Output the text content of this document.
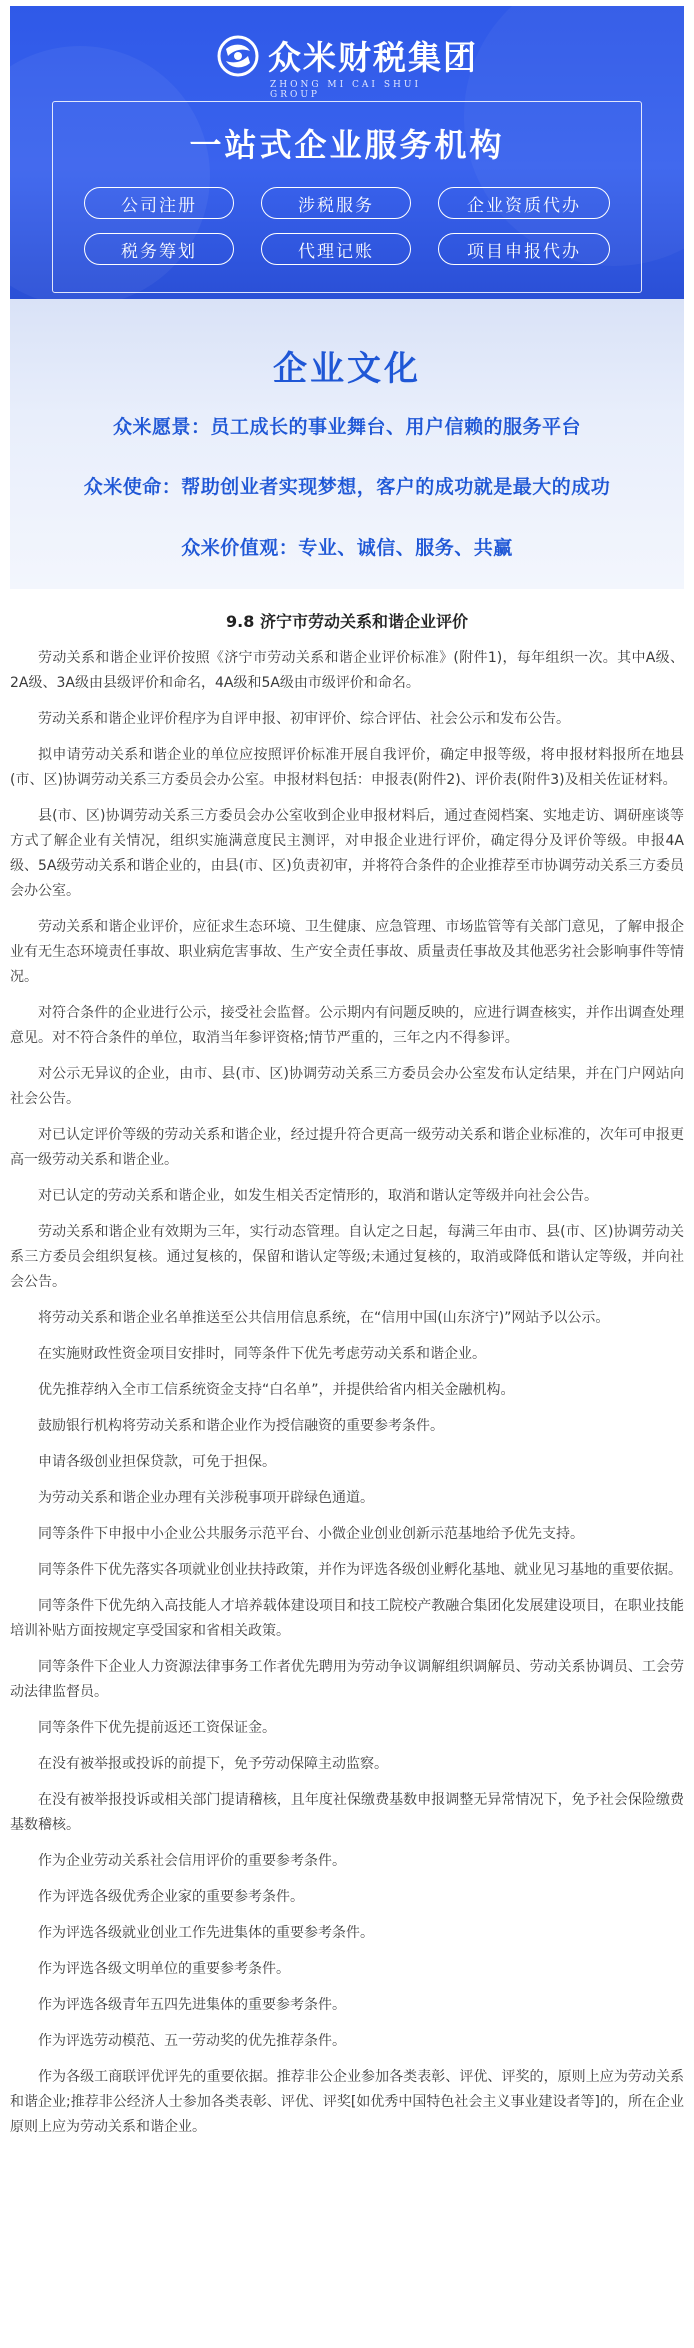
众米财税集团
ZHONG MI CAI SHUI GROUP
一站式企业服务机构
公司注册	涉税服务	企业资质代办
税务筹划	代理记账	项目申报代办
企业文化
众米愿景：员工成长的事业舞台、用户信赖的服务平台
众米使命：帮助创业者实现梦想，客户的成功就是最大的成功
众米价值观：专业、诚信、服务、共赢
9.8 济宁市劳动关系和谐企业评价

劳动关系和谐企业评价按照《济宁市劳动关系和谐企业评价标准》(附件1)，每年组织一次。其中A级、2A级、3A级由县级评价和命名，4A级和5A级由市级评价和命名。

劳动关系和谐企业评价程序为自评申报、初审评价、综合评估、社会公示和发布公告。

拟申请劳动关系和谐企业的单位应按照评价标准开展自我评价，确定申报等级，将申报材料报所在地县(市、区)协调劳动关系三方委员会办公室。申报材料包括：申报表(附件2)、评价表(附件3)及相关佐证材料。

县(市、区)协调劳动关系三方委员会办公室收到企业申报材料后，通过查阅档案、实地走访、调研座谈等方式了解企业有关情况，组织实施满意度民主测评，对申报企业进行评价，确定得分及评价等级。申报4A级、5A级劳动关系和谐企业的，由县(市、区)负责初审，并将符合条件的企业推荐至市协调劳动关系三方委员会办公室。

劳动关系和谐企业评价，应征求生态环境、卫生健康、应急管理、市场监管等有关部门意见，了解申报企业有无生态环境责任事故、职业病危害事故、生产安全责任事故、质量责任事故及其他恶劣社会影响事件等情况。

对符合条件的企业进行公示，接受社会监督。公示期内有问题反映的，应进行调查核实，并作出调查处理意见。对不符合条件的单位，取消当年参评资格;情节严重的，三年之内不得参评。

对公示无异议的企业，由市、县(市、区)协调劳动关系三方委员会办公室发布认定结果，并在门户网站向社会公告。

对已认定评价等级的劳动关系和谐企业，经过提升符合更高一级劳动关系和谐企业标准的，次年可申报更高一级劳动关系和谐企业。

对已认定的劳动关系和谐企业，如发生相关否定情形的，取消和谐认定等级并向社会公告。

劳动关系和谐企业有效期为三年，实行动态管理。自认定之日起，每满三年由市、县(市、区)协调劳动关系三方委员会组织复核。通过复核的，保留和谐认定等级;未通过复核的，取消或降低和谐认定等级，并向社会公告。

将劳动关系和谐企业名单推送至公共信用信息系统，在“信用中国(山东济宁)”网站予以公示。

在实施财政性资金项目安排时，同等条件下优先考虑劳动关系和谐企业。

优先推荐纳入全市工信系统资金支持“白名单”，并提供给省内相关金融机构。

鼓励银行机构将劳动关系和谐企业作为授信融资的重要参考条件。

申请各级创业担保贷款，可免于担保。

为劳动关系和谐企业办理有关涉税事项开辟绿色通道。

同等条件下申报中小企业公共服务示范平台、小微企业创业创新示范基地给予优先支持。

同等条件下优先落实各项就业创业扶持政策，并作为评选各级创业孵化基地、就业见习基地的重要依据。

同等条件下优先纳入高技能人才培养载体建设项目和技工院校产教融合集团化发展建设项目，在职业技能培训补贴方面按规定享受国家和省相关政策。

同等条件下企业人力资源法律事务工作者优先聘用为劳动争议调解组织调解员、劳动关系协调员、工会劳动法律监督员。

同等条件下优先提前返还工资保证金。

在没有被举报或投诉的前提下，免予劳动保障主动监察。

在没有被举报投诉或相关部门提请稽核，且年度社保缴费基数申报调整无异常情况下，免予社会保险缴费基数稽核。

作为企业劳动关系社会信用评价的重要参考条件。

作为评选各级优秀企业家的重要参考条件。

作为评选各级就业创业工作先进集体的重要参考条件。

作为评选各级文明单位的重要参考条件。

作为评选各级青年五四先进集体的重要参考条件。

作为评选劳动模范、五一劳动奖的优先推荐条件。

作为各级工商联评优评先的重要依据。推荐非公企业参加各类表彰、评优、评奖的，原则上应为劳动关系和谐企业;推荐非公经济人士参加各类表彰、评优、评奖[如优秀中国特色社会主义事业建设者等]的，所在企业原则上应为劳动关系和谐企业。
